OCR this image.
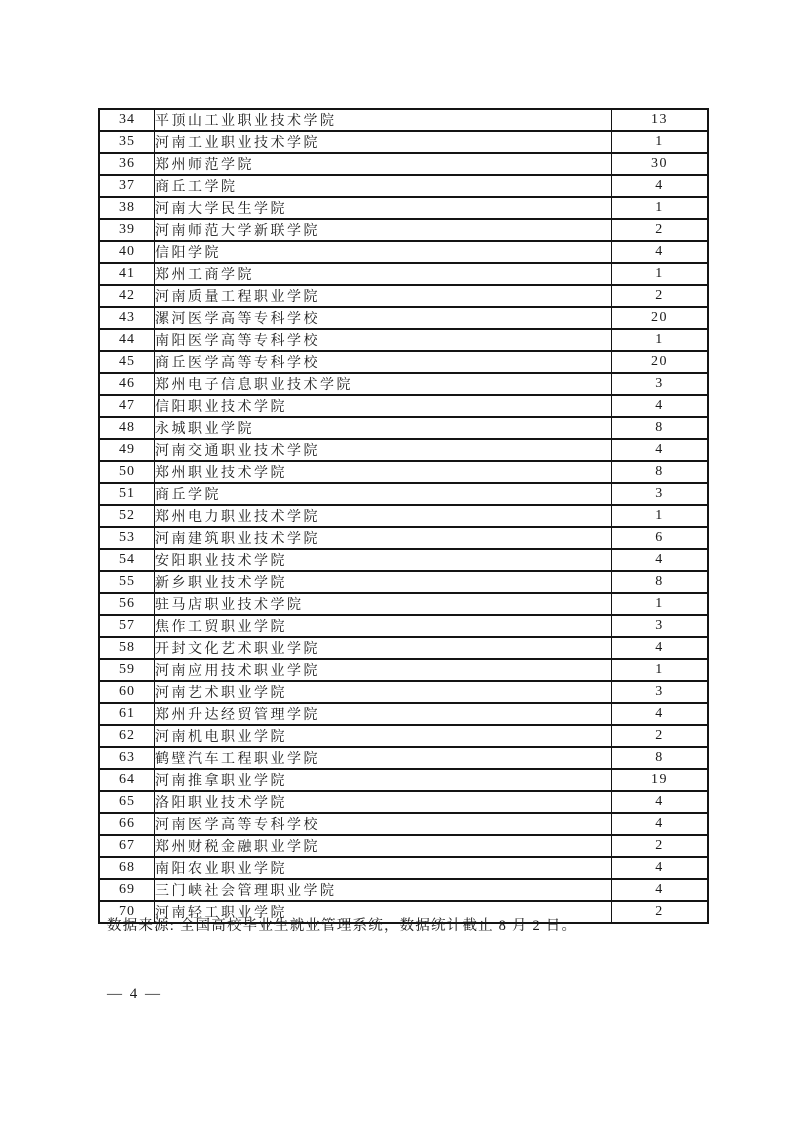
34	平顶山工业职业技术学院	13
35	河南工业职业技术学院	1
36	郑州师范学院	30
37	商丘工学院	4
38	河南大学民生学院	1
39	河南师范大学新联学院	2
40	信阳学院	4
41	郑州工商学院	1
42	河南质量工程职业学院	2
43	漯河医学高等专科学校	20
44	南阳医学高等专科学校	1
45	商丘医学高等专科学校	20
46	郑州电子信息职业技术学院	3
47	信阳职业技术学院	4
48	永城职业学院	8
49	河南交通职业技术学院	4
50	郑州职业技术学院	8
51	商丘学院	3
52	郑州电力职业技术学院	1
53	河南建筑职业技术学院	6
54	安阳职业技术学院	4
55	新乡职业技术学院	8
56	驻马店职业技术学院	1
57	焦作工贸职业学院	3
58	开封文化艺术职业学院	4
59	河南应用技术职业学院	1
60	河南艺术职业学院	3
61	郑州升达经贸管理学院	4
62	河南机电职业学院	2
63	鹤壁汽车工程职业学院	8
64	河南推拿职业学院	19
65	洛阳职业技术学院	4
66	河南医学高等专科学校	4
67	郑州财税金融职业学院	2
68	南阳农业职业学院	4
69	三门峡社会管理职业学院	4
70	河南轻工职业学院	2
数据来源: 全国高校毕业生就业管理系统，数据统计截止 8 月 2 日。
— 4 —
